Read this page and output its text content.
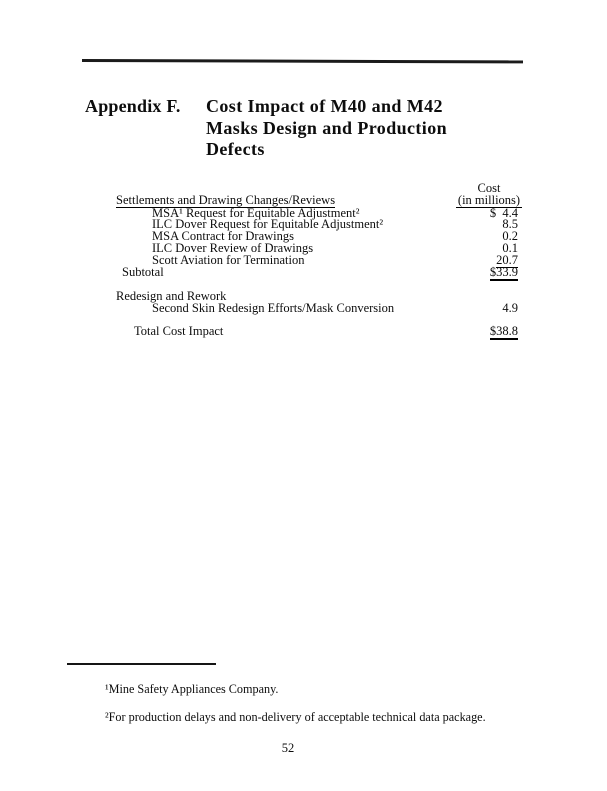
Appendix F. Cost Impact of M40 and M42
Masks Design and Production
Defects
Settlements and Drawing Changes/Reviews
Cost
(in millions)
MSA¹ Request for Equitable Adjustment²	$  4.4
ILC Dover Request for Equitable Adjustment²	8.5
MSA Contract for Drawings	0.2
ILC Dover Review of Drawings	0.1
Scott Aviation for Termination	20.7
Subtotal	$33.9
Redesign and Rework
Second Skin Redesign Efforts/Mask Conversion	4.9
Total Cost Impact	$38.8
¹Mine Safety Appliances Company.
²For production delays and non-delivery of acceptable technical data package.
52
